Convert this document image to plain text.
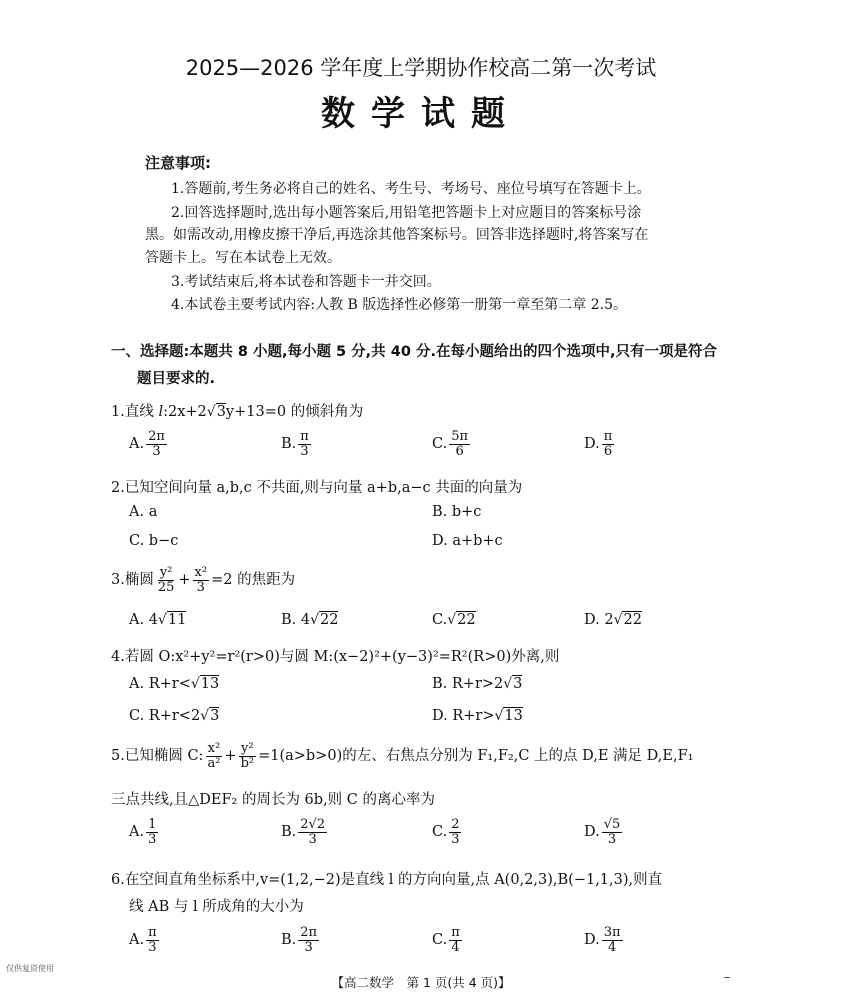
2025—2026 学年度上学期协作校高二第一次考试
数学试题
注意事项:
1.答题前,考生务必将自己的姓名、考生号、考场号、座位号填写在答题卡上。
2.回答选择题时,选出每小题答案后,用铅笔把答题卡上对应题目的答案标号涂
黑。如需改动,用橡皮擦干净后,再选涂其他答案标号。回答非选择题时,将答案写在
答题卡上。写在本试卷上无效。
3.考试结束后,将本试卷和答题卡一并交回。
4.本试卷主要考试内容:人教 B 版选择性必修第一册第一章至第二章 2.5。
一、选择题:本题共 8 小题,每小题 5 分,共 40 分.在每小题给出的四个选项中,只有一项是符合
题目要求的.
1.直线 l:2x+2√3y+13=0 的倾斜角为
A. $\frac{2\pi}{3}$	B. $\frac{\pi}{3}$	C. $\frac{5\pi}{6}$	D. $\frac{\pi}{6}$
2.已知空间向量 a,b,c 不共面,则与向量 a+b,a−c 共面的向量为
A. a	B. b+c
C. b−c	D. a+b+c
3.椭圆 $\frac{\text{y²}}{25} + \frac{\text{x²}}{3} =2$ 的焦距为
A. 4√11	B. 4√22	C.√22	D. 2√22
4.若圆 O:x²+y²=r²(r>0)与圆 M:(x−2)²+(y−3)²=R²(R>0)外离,则
A. R+r<√13	B. R+r>2√3
C. R+r<2√3	D. R+r>√13
5.已知椭圆 C: $\frac{\text{x²}}{\text{a²}} + \frac{\text{y²}}{\text{b²}} =1(a>b>0)$的左、右焦点分别为 F₁,F₂,C 上的点 D,E 满足 D,E,F₁
三点共线,且△DEF₂ 的周长为 6b,则 C 的离心率为
A. $\frac{1}{3}$	B. $\frac{2√2}{3}$	C. $\frac{2}{3}$	D. $\frac{√5}{3}$
6.在空间直角坐标系中,v=(1,2,−2)是直线 l 的方向向量,点 A(0,2,3),B(−1,1,3),则直
线 AB 与 l 所成角的大小为
A. $\frac{\pi}{3}$	B. $\frac{2\pi}{3}$	C. $\frac{\pi}{4}$	D. $\frac{3\pi}{4}$
仅供复资使用
【高二数学　第 1 页(共 4 页)】	–
